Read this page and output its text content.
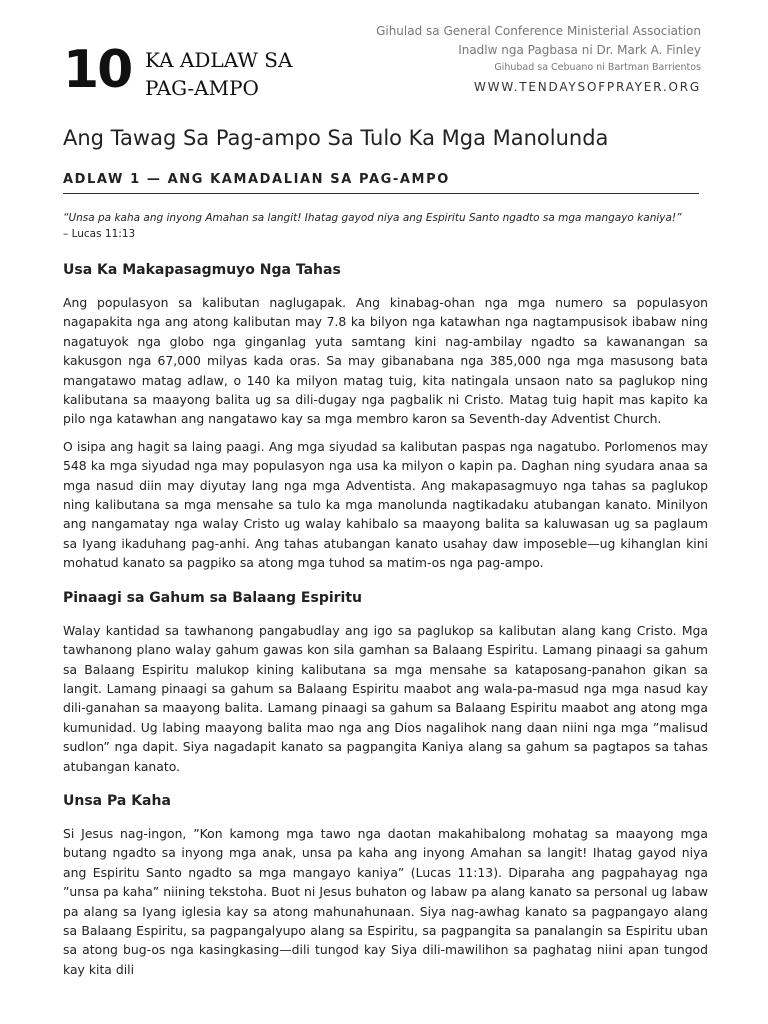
10 KA ADLAW SA
PAG-AMPO
Gihulad sa General Conference Ministerial Association
Inadlw nga Pagbasa ni Dr. Mark A. Finley
Gihubad sa Cebuano ni Bartman Barrientos
WWW.TENDAYSOFPRAYER.ORG
Ang Tawag Sa Pag-ampo Sa Tulo Ka Mga Manolunda
ADLAW 1 — ANG KAMADALIAN SA PAG-AMPO
“Unsa pa kaha ang inyong Amahan sa langit! Ihatag gayod niya ang Espiritu Santo ngadto sa mga mangayo kaniya!”
– Lucas 11:13
Usa Ka Makapasagmuyo Nga Tahas

Ang populasyon sa kalibutan naglugapak. Ang kinabag-ohan nga mga numero sa populasyon nagapakita nga ang atong kalibutan may 7.8 ka bilyon nga katawhan nga nagtampusisok ibabaw ning nagatuyok nga globo nga ginganlag yuta samtang kini nag-ambilay ngadto sa kawanangan sa kakusgon nga 67,000 milyas kada oras. Sa may gibanabana nga 385,000 nga mga masusong bata mangatawo matag adlaw, o 140 ka milyon matag tuig, kita natingala unsaon nato sa paglukop ning kalibutana sa maayong balita ug sa dili-dugay nga pagbalik ni Cristo. Matag tuig hapit mas kapito ka pilo nga katawhan ang nangatawo kay sa mga membro karon sa Seventh-day Adventist Church.

O isipa ang hagit sa laing paagi. Ang mga siyudad sa kalibutan paspas nga nagatubo. Porlomenos may 548 ka mga siyudad nga may populasyon nga usa ka milyon o kapin pa. Daghan ning syudara anaa sa mga nasud diin may diyutay lang nga mga Adventista. Ang makapasagmuyo nga tahas sa paglukop ning kalibutana sa mga mensahe sa tulo ka mga manolunda nagtikadaku atubangan kanato. Minilyon ang nangamatay nga walay Cristo ug walay kahibalo sa maayong balita sa kaluwasan ug sa paglaum sa Iyang ikaduhang pag-anhi. Ang tahas atubangan kanato usahay daw imposeble—ug kihanglan kini mohatud kanato sa pagpiko sa atong mga tuhod sa matim-os nga pag-ampo.

Pinaagi sa Gahum sa Balaang Espiritu

Walay kantidad sa tawhanong pangabudlay ang igo sa paglukop sa kalibutan alang kang Cristo. Mga tawhanong plano walay gahum gawas kon sila gamhan sa Balaang Espiritu. Lamang pinaagi sa gahum sa Balaang Espiritu malukop kining kalibutana sa mga mensahe sa kataposang-panahon gikan sa langit. Lamang pinaagi sa gahum sa Balaang Espiritu maabot ang wala-pa-masud nga mga nasud kay dili-ganahan sa maayong balita. Lamang pinaagi sa gahum sa Balaang Espiritu maabot ang atong mga kumunidad. Ug labing maayong balita mao nga ang Dios nagalihok nang daan niini nga mga ”malisud sudlon” nga dapit. Siya nagadapit kanato sa pagpangita Kaniya alang sa gahum sa pagtapos sa tahas atubangan kanato.

Unsa Pa Kaha

Si Jesus nag-ingon, ”Kon kamong mga tawo nga daotan makahibalong mohatag sa maayong mga butang ngadto sa inyong mga anak, unsa pa kaha ang inyong Amahan sa langit! Ihatag gayod niya ang Espiritu Santo ngadto sa mga mangayo kaniya” (Lucas 11:13). Diparaha ang pagpahayag nga ”unsa pa kaha” niining tekstoha. Buot ni Jesus buhaton og labaw pa alang kanato sa personal ug labaw pa alang sa Iyang iglesia kay sa atong mahunahunaan. Siya nag-awhag kanato sa pagpangayo alang sa Balaang Espiritu, sa pagpangalyupo alang sa Espiritu, sa pagpangita sa panalangin sa Espiritu uban sa atong bug-os nga kasingkasing—dili tungod kay Siya dili-mawilihon sa paghatag niini apan tungod kay kita dili
